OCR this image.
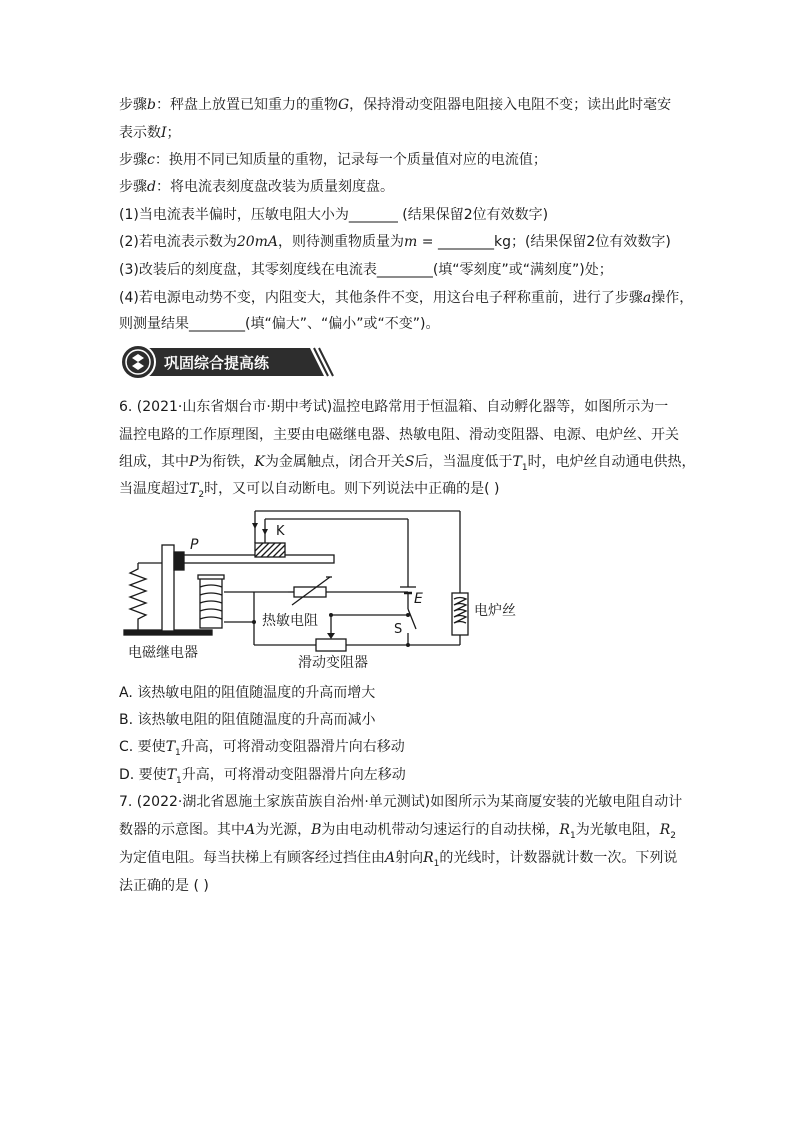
步骤b：秤盘上放置已知重力的重物G，保持滑动变阻器电阻接入电阻不变；读出此时毫安
表示数I；
步骤c：换用不同已知质量的重物，记录每一个质量值对应的电流值；
步骤d：将电流表刻度盘改装为质量刻度盘。
(1)当电流表半偏时，压敏电阻大小为_______ (结果保留2位有效数字)
(2)若电流表示数为20mA，则待测重物质量为m = ________kg；(结果保留2位有效数字)
(3)改装后的刻度盘，其零刻度线在电流表________(填“零刻度”或“满刻度”)处；
(4)若电源电动势不变，内阻变大，其他条件不变，用这台电子秤称重前，进行了步骤a操作，
则测量结果________(填“偏大”、“偏小”或“不变”)。
巩固综合提高练
6. (2021·山东省烟台市·期中考试)温控电路常用于恒温箱、自动孵化器等，如图所示为一
温控电路的工作原理图，主要由电磁继电器、热敏电阻、滑动变阻器、电源、电炉丝、开关
组成，其中P为衔铁，K为金属触点，闭合开关S后，当温度低于$T_1$时，电炉丝自动通电供热，
当温度超过$T_2$时，又可以自动断电。则下列说法中正确的是( )
P
K
E
S
热敏电阻
滑动变阻器
电磁继电器
电炉丝
A. 该热敏电阻的阻值随温度的升高而增大
B. 该热敏电阻的阻值随温度的升高而减小
C. 要使$T_1$升高，可将滑动变阻器滑片向右移动
D. 要使$T_1$升高，可将滑动变阻器滑片向左移动
7. (2022·湖北省恩施土家族苗族自治州·单元测试)如图所示为某商厦安装的光敏电阻自动计
数器的示意图。其中A为光源，B为由电动机带动匀速运行的自动扶梯，$R_1$为光敏电阻，$R_2$
为定值电阻。每当扶梯上有顾客经过挡住由A射向$R_1$的光线时，计数器就计数一次。下列说
法正确的是 ( )
